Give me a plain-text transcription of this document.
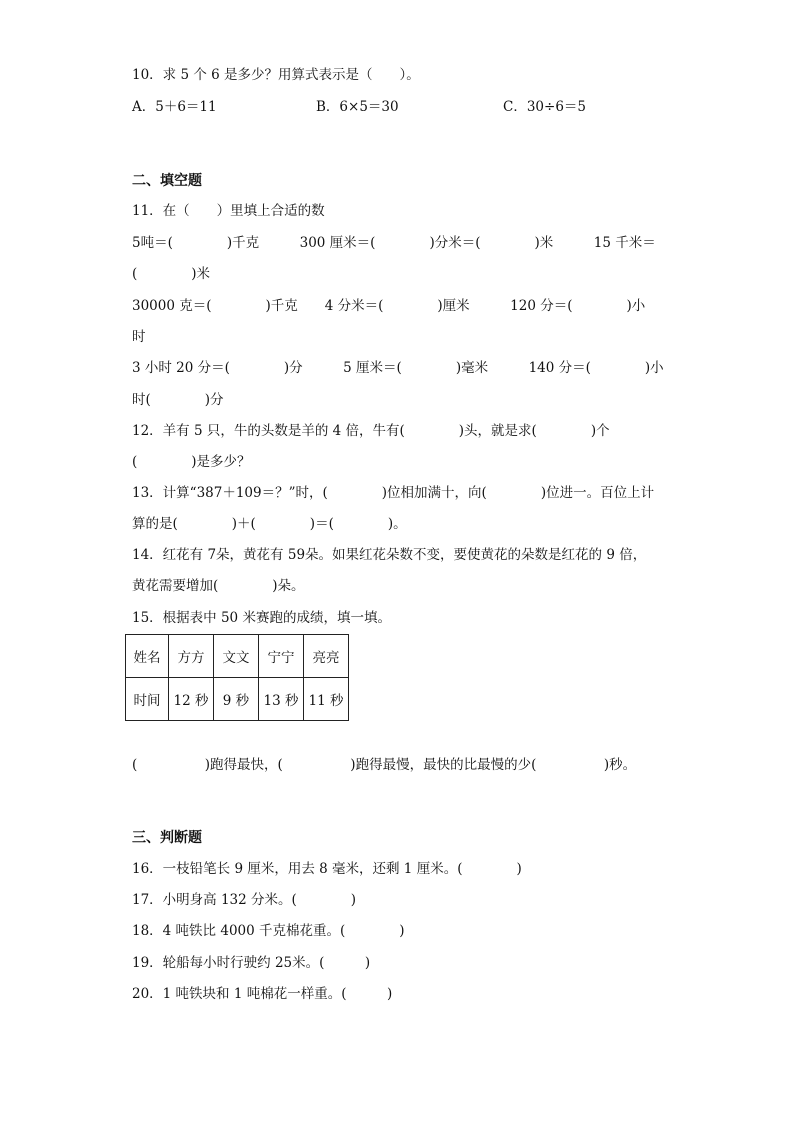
10．求 5 个 6 是多少？用算式表示是（　　）。
A．5＋6＝11	B．6×5＝30	C．30÷6＝5
二、填空题
11．在（　　）里填上合适的数
5吨＝(　　　　)千克　　　300 厘米＝(　　　　)分米＝(　　　　)米　　　15 千米＝
(　　　　)米
30000 克＝(　　　　)千克　　4 分米＝(　　　　)厘米　　　120 分＝(　　　　)小
时
3 小时 20 分＝(　　　　)分　　　5 厘米＝(　　　　)毫米　　　140 分＝(　　　　)小
时(　　　　)分
12．羊有 5 只，牛的头数是羊的 4 倍，牛有(　　　　)头，就是求(　　　　)个
(　　　　)是多少？
13．计算“387＋109＝？”时，(　　　　)位相加满十，向(　　　　)位进一。百位上计
算的是(　　　　)＋(　　　　)＝(　　　　)。
14．红花有 7朵，黄花有 59朵。如果红花朵数不变，要使黄花的朵数是红花的 9 倍，
黄花需要增加(　　　　)朵。
15．根据表中 50 米赛跑的成绩，填一填。
姓名	方方	文文	宁宁	亮亮
时间	12 秒	9 秒	13 秒	11 秒
(　　　　　)跑得最快，(　　　　　)跑得最慢，最快的比最慢的少(　　　　　)秒。
三、判断题
16．一枝铅笔长 9 厘米，用去 8 毫米，还剩 1 厘米。(　　　　)
17．小明身高 132 分米。(　　　　)
18．4 吨铁比 4000 千克棉花重。(　　　　)
19．轮船每小时行驶约 25米。(　　　)
20．1 吨铁块和 1 吨棉花一样重。(　　　)
